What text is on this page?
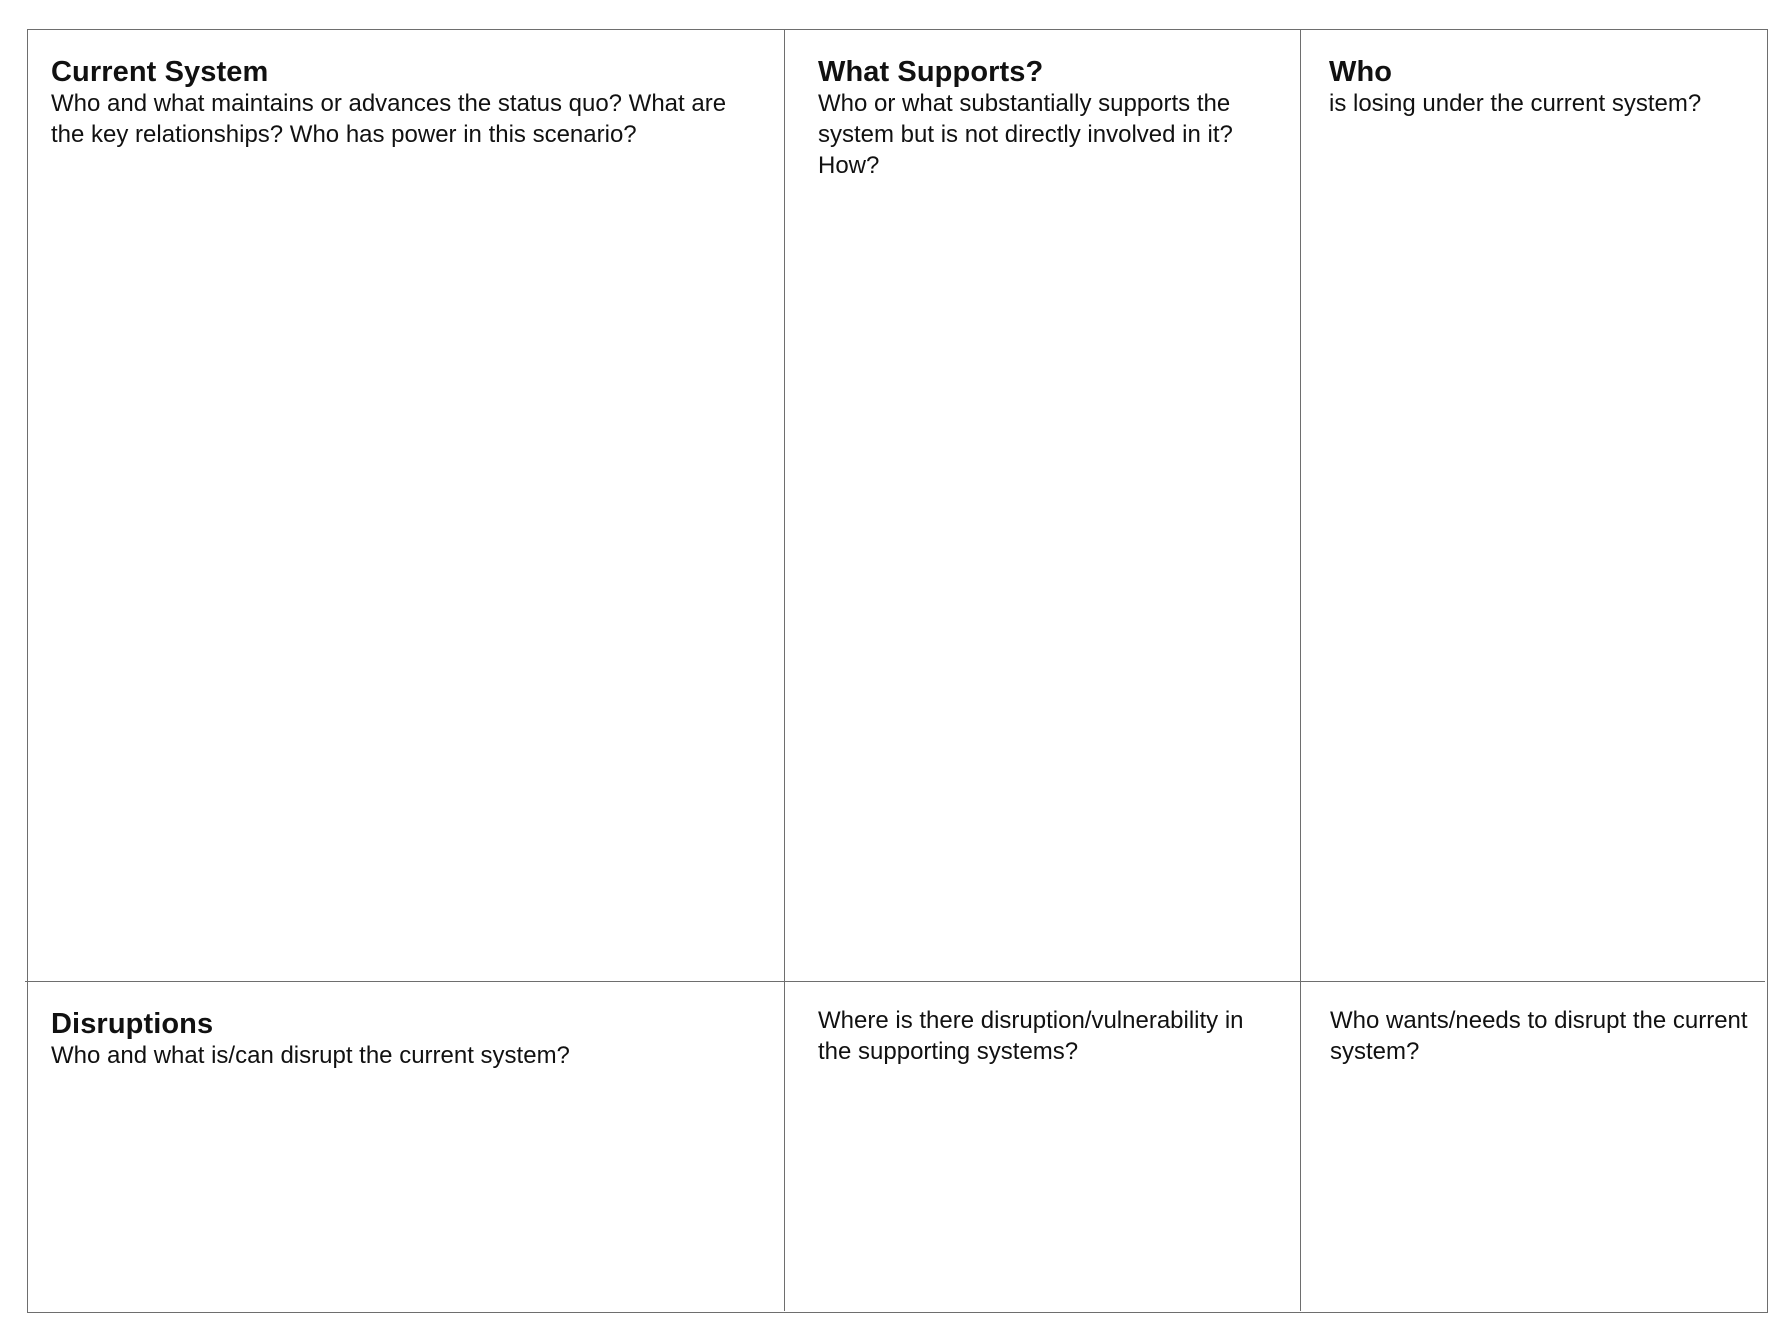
Current System

Who and what maintains or advances the status quo? What are the key relationships? Who has power in this scenario?

What Supports?

Who or what substantially supports the system but is not directly involved in it? How?

Who

is losing under the current system?

Disruptions

Who and what is/can disrupt the current system?

Where is there disruption/vulnerability in the supporting systems?

Who wants/needs to disrupt the current system?
